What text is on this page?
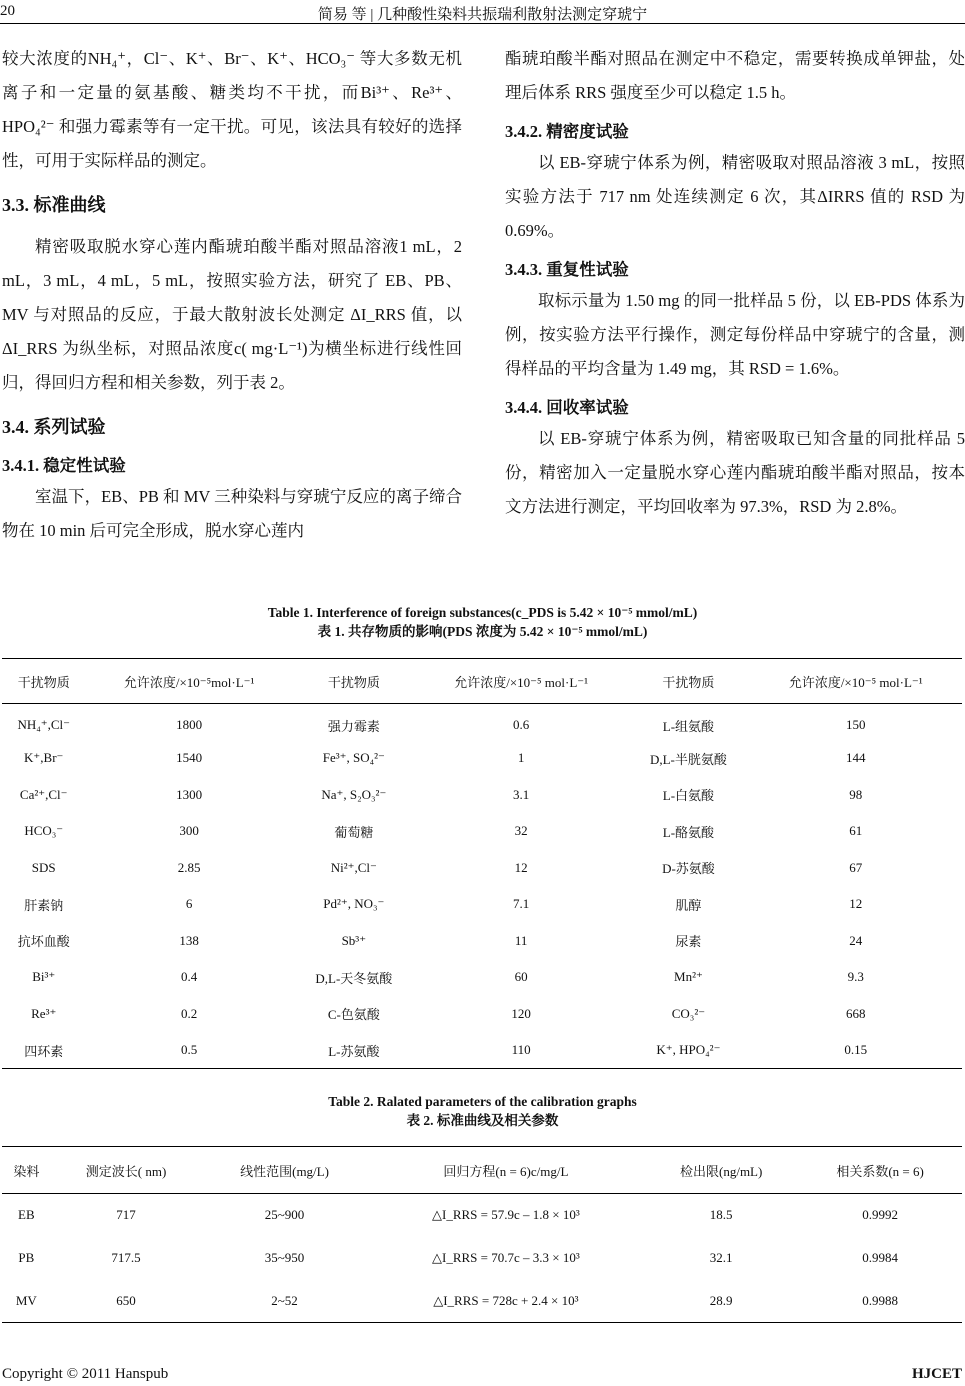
20	简易 等 | 几种酸性染料共振瑞利散射法测定穿琥宁

较大浓度的NH₄⁺，Cl⁻、K⁺、Br⁻、K⁺、HCO₃⁻ 等大多数无机离子和一定量的氨基酸、糖类均不干扰，而Bi³⁺、Re³⁺、HPO₄²⁻ 和强力霉素等有一定干扰。可见，该法具有较好的选择性，可用于实际样品的测定。

3.3. 标准曲线

精密吸取脱水穿心莲内酯琥珀酸半酯对照品溶液1 mL，2 mL，3 mL，4 mL，5 mL，按照实验方法，研究了 EB、PB、MV 与对照品的反应，于最大散射波长处测定 ΔI_RRS 值，以 ΔI_RRS 为纵坐标，对照品浓度c( mg·L⁻¹)为横坐标进行线性回归，得回归方程和相关参数，列于表 2。

3.4. 系列试验
3.4.1. 稳定性试验

室温下，EB、PB 和 MV 三种染料与穿琥宁反应的离子缔合物在 10 min 后可完全形成，脱水穿心莲内

酯琥珀酸半酯对照品在测定中不稳定，需要转换成单钾盐，处理后体系 RRS 强度至少可以稳定 1.5 h。

3.4.2. 精密度试验

以 EB-穿琥宁体系为例，精密吸取对照品溶液 3 mL，按照实验方法于 717 nm 处连续测定 6 次，其ΔIRRS 值的 RSD 为 0.69%。

3.4.3. 重复性试验

取标示量为 1.50 mg 的同一批样品 5 份，以 EB-PDS 体系为例，按实验方法平行操作，测定每份样品中穿琥宁的含量，测得样品的平均含量为 1.49 mg，其 RSD = 1.6%。

3.4.4. 回收率试验

以 EB-穿琥宁体系为例，精密吸取已知含量的同批样品 5 份，精密加入一定量脱水穿心莲内酯琥珀酸半酯对照品，按本文方法进行测定，平均回收率为 97.3%，RSD 为 2.8%。

Table 1. Interference of foreign substances(c_PDS is 5.42 × 10⁻⁵ mmol/mL)
表 1. 共存物质的影响(PDS 浓度为 5.42 × 10⁻⁵ mmol/mL)
干扰物质	允许浓度/×10⁻⁵mol·L⁻¹	干扰物质	允许浓度/×10⁻⁵ mol·L⁻¹	干扰物质	允许浓度/×10⁻⁵ mol·L⁻¹
NH₄⁺,Cl⁻	1800	强力霉素	0.6	L-组氨酸	150
K⁺,Br⁻	1540	Fe³⁺, SO₄²⁻	1	D,L-半胱氨酸	144
Ca²⁺,Cl⁻	1300	Na⁺, S₂O₃²⁻	3.1	L-白氨酸	98
HCO₃⁻	300	葡萄糖	32	L-酪氨酸	61
SDS	2.85	Ni²⁺,Cl⁻	12	D-苏氨酸	67
肝素钠	6	Pd²⁺, NO₃⁻	7.1	肌醇	12
抗坏血酸	138	Sb³⁺	11	尿素	24
Bi³⁺	0.4	D,L-天冬氨酸	60	Mn²⁺	9.3
Re³⁺	0.2	C-色氨酸	120	CO₃²⁻	668
四环素	0.5	L-苏氨酸	110	K⁺, HPO₄²⁻	0.15
Table 2. Ralated parameters of the calibration graphs
表 2. 标准曲线及相关参数
染料	测定波长( nm)	线性范围(mg/L)	回归方程(n = 6)c/mg/L	检出限(ng/mL)	相关系数(n = 6)
EB	717	25~900	△I_RRS = 57.9c – 1.8 × 10³	18.5	0.9992
PB	717.5	35~950	△I_RRS = 70.7c – 3.3 × 10³	32.1	0.9984
MV	650	2~52	△I_RRS = 728c + 2.4 × 10³	28.9	0.9988
Copyright © 2011 Hanspub	HJCET
